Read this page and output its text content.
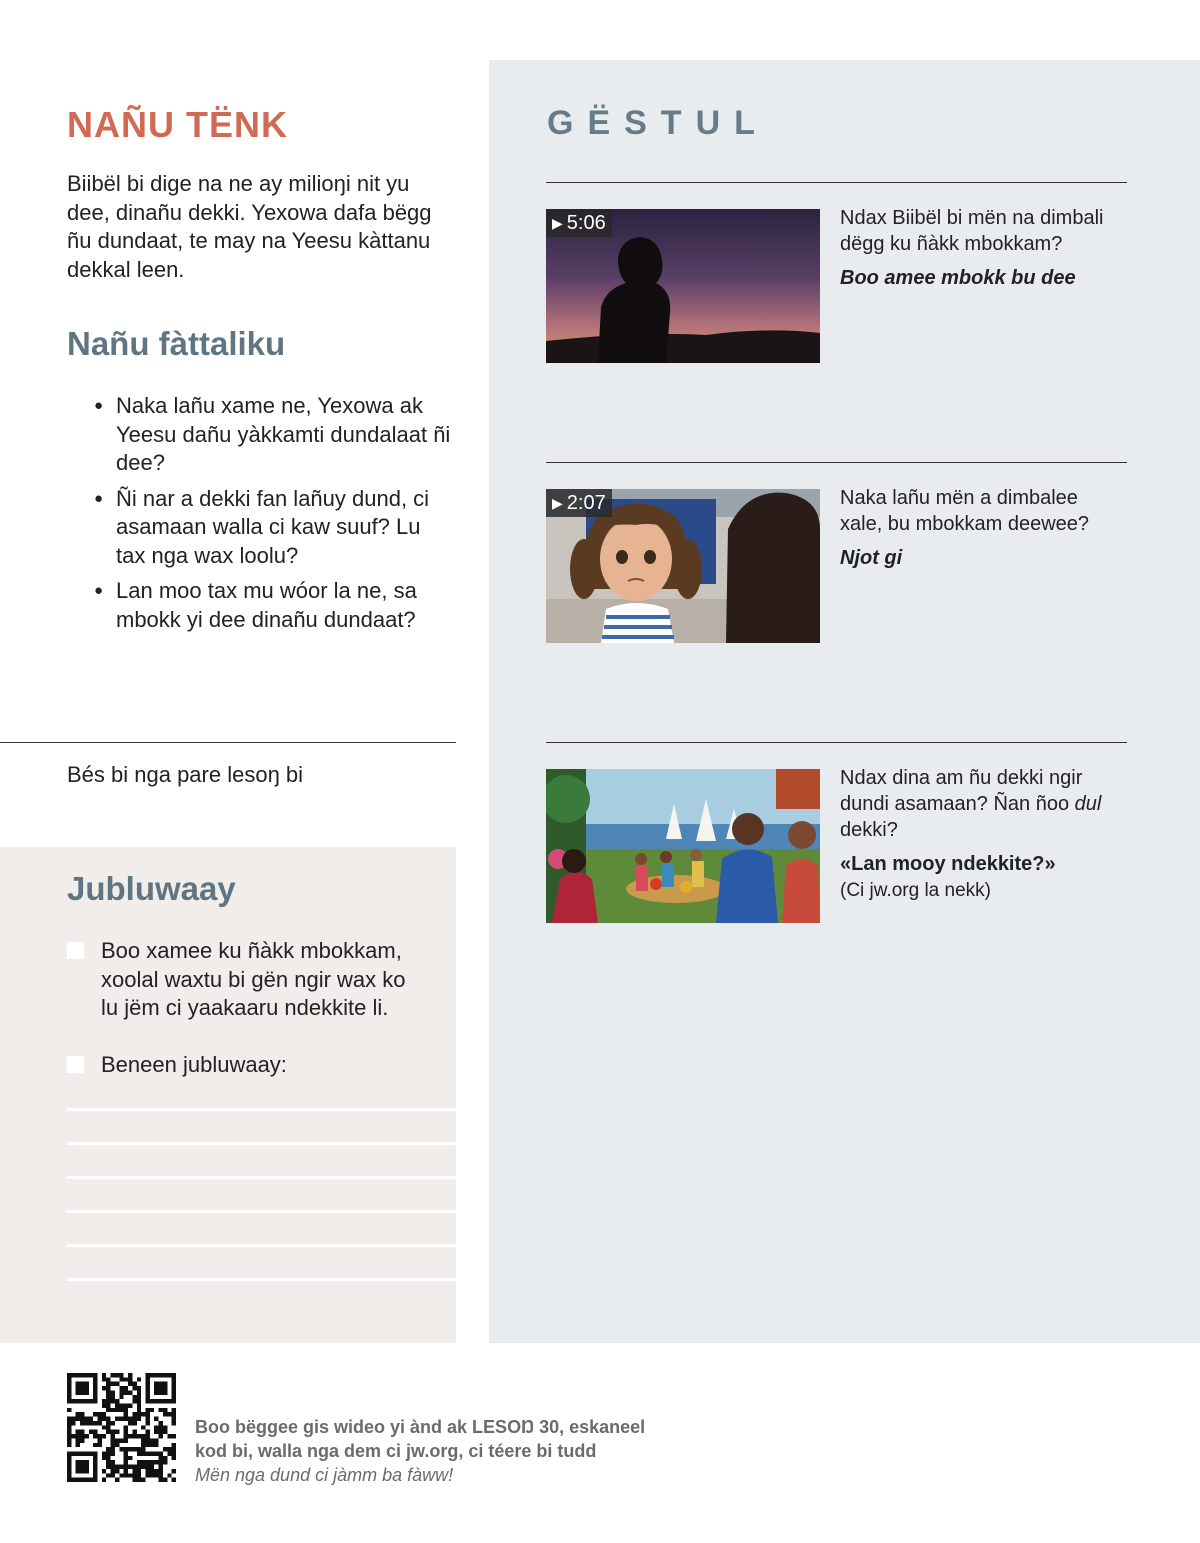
NAÑU TËNK

Biibël bi dige na ne ay milioŋi nit yu dee, dinañu dekki. Yexowa dafa bëgg ñu dundaat, te may na Yeesu kàttanu dekkal leen.

Nañu fàttaliku
● Naka lañu xame ne, Yexowa ak Yeesu dañu yàkkamti dundalaat ñi dee?
● Ñi nar a dekki fan lañuy dund, ci asamaan walla ci kaw suuf? Lu tax nga wax loolu?
● Lan moo tax mu wóor la ne, sa mbokk yi dee dinañu dundaat?
Bés bi nga pare lesoŋ bi
Jubluwaay
Boo xamee ku ñàkk mbokkam, xoolal waxtu bi gën ngir wax ko lu jëm ci yaakaaru ndekkite li.
Beneen jubluwaay:
GËSTUL
▶ 5:06	Ndax Biibël bi mën na dimbali dëgg ku ñàkk mbokkam?

Boo amee mbokk bu dee

▶ 2:07	Naka lañu mën a dimbalee xale, bu mbokkam deewee?

Njot gi

Ndax dina am ñu dekki ngir dundi asamaan? Ñan ñoo dul dekki?

«Lan mooy ndekkite?»

(Ci jw.org la nekk)

Boo bëggee gis wideo yi ànd ak LESOŊ 30, eskaneel
kod bi, walla nga dem ci jw.org, ci téere bi tudd
Mën nga dund ci jàmm ba fàww!
